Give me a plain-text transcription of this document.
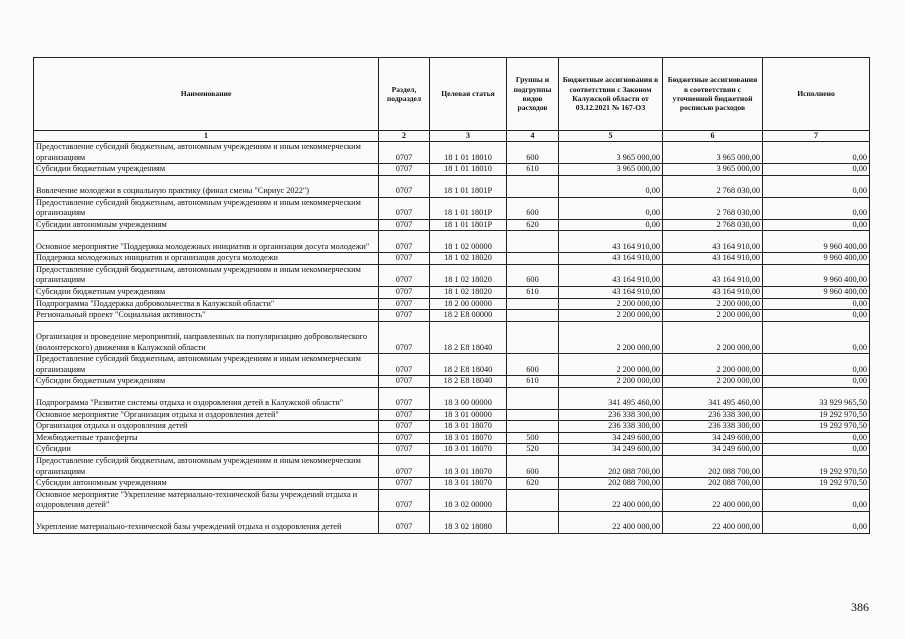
Наименование	Раздел, подраздел	Целевая статья	Группы и подгруппы видов расходов	Бюджетные ассигнования в соответствии с Законом Калужской области от 03.12.2021 № 167-ОЗ	Бюджетные ассигнования в соответствии с уточненной бюджетной росписью расходов	Исполнено
1	2	3	4	5	6	7
Предоставление субсидий бюджетным, автономным учреждениям и иным некоммерческим организациям	0707	18 1 01 18010	600	3 965 000,00	3 965 000,00	0,00
Субсидии бюджетным учреждениям	0707	18 1 01 18010	610	3 965 000,00	3 965 000,00	0,00
Вовлечение молодежи в социальную практику (финал смены "Сириус 2022")	0707	18 1 01 1801P		0,00	2 768 030,00	0,00
Предоставление субсидий бюджетным, автономным учреждениям и иным некоммерческим организациям	0707	18 1 01 1801P	600	0,00	2 768 030,00	0,00
Субсидии автономным учреждениям	0707	18 1 01 1801P	620	0,00	2 768 030,00	0,00
Основное мероприятие "Поддержка молодежных инициатив и организация досуга молодежи"	0707	18 1 02 00000		43 164 910,00	43 164 910,00	9 960 400,00
Поддержка молодежных инициатив и организация досуга молодежи	0707	18 1 02 18020		43 164 910,00	43 164 910,00	9 960 400,00
Предоставление субсидий бюджетным, автономным учреждениям и иным некоммерческим организациям	0707	18 1 02 18020	600	43 164 910,00	43 164 910,00	9 960 400,00
Субсидии бюджетным учреждениям	0707	18 1 02 18020	610	43 164 910,00	43 164 910,00	9 960 400,00
Подпрограмма "Поддержка добровольчества в Калужской области"	0707	18 2 00 00000		2 200 000,00	2 200 000,00	0,00
Региональный проект "Социальная активность"	0707	18 2 E8 00000		2 200 000,00	2 200 000,00	0,00
Организация и проведение мероприятий, направленных на популяризацию добровольческого (волонтерского) движения в Калужской области	0707	18 2 E8 18040		2 200 000,00	2 200 000,00	0,00
Предоставление субсидий бюджетным, автономным учреждениям и иным некоммерческим организациям	0707	18 2 E8 18040	600	2 200 000,00	2 200 000,00	0,00
Субсидии бюджетным учреждениям	0707	18 2 E8 18040	610	2 200 000,00	2 200 000,00	0,00
Подпрограмма "Развитие системы отдыха и оздоровления детей в Калужской области"	0707	18 3 00 00000		341 495 460,00	341 495 460,00	33 929 965,50
Основное мероприятие "Организация отдыха и оздоровления детей"	0707	18 3 01 00000		236 338 300,00	236 338 300,00	19 292 970,50
Организация отдыха и оздоровления детей	0707	18 3 01 18070		236 338 300,00	236 338 300,00	19 292 970,50
Межбюджетные трансферты	0707	18 3 01 18070	500	34 249 600,00	34 249 600,00	0,00
Субсидии	0707	18 3 01 18070	520	34 249 600,00	34 249 600,00	0,00
Предоставление субсидий бюджетным, автономным учреждениям и иным некоммерческим организациям	0707	18 3 01 18070	600	202 088 700,00	202 088 700,00	19 292 970,50
Субсидии автономным учреждениям	0707	18 3 01 18070	620	202 088 700,00	202 088 700,00	19 292 970,50
Основное мероприятие "Укрепление материально-технической базы учреждений отдыха и оздоровления детей"	0707	18 3 02 00000		22 400 000,00	22 400 000,00	0,00
Укрепление материально-технической базы учреждений отдыха и оздоровления детей	0707	18 3 02 18080		22 400 000,00	22 400 000,00	0,00
386
